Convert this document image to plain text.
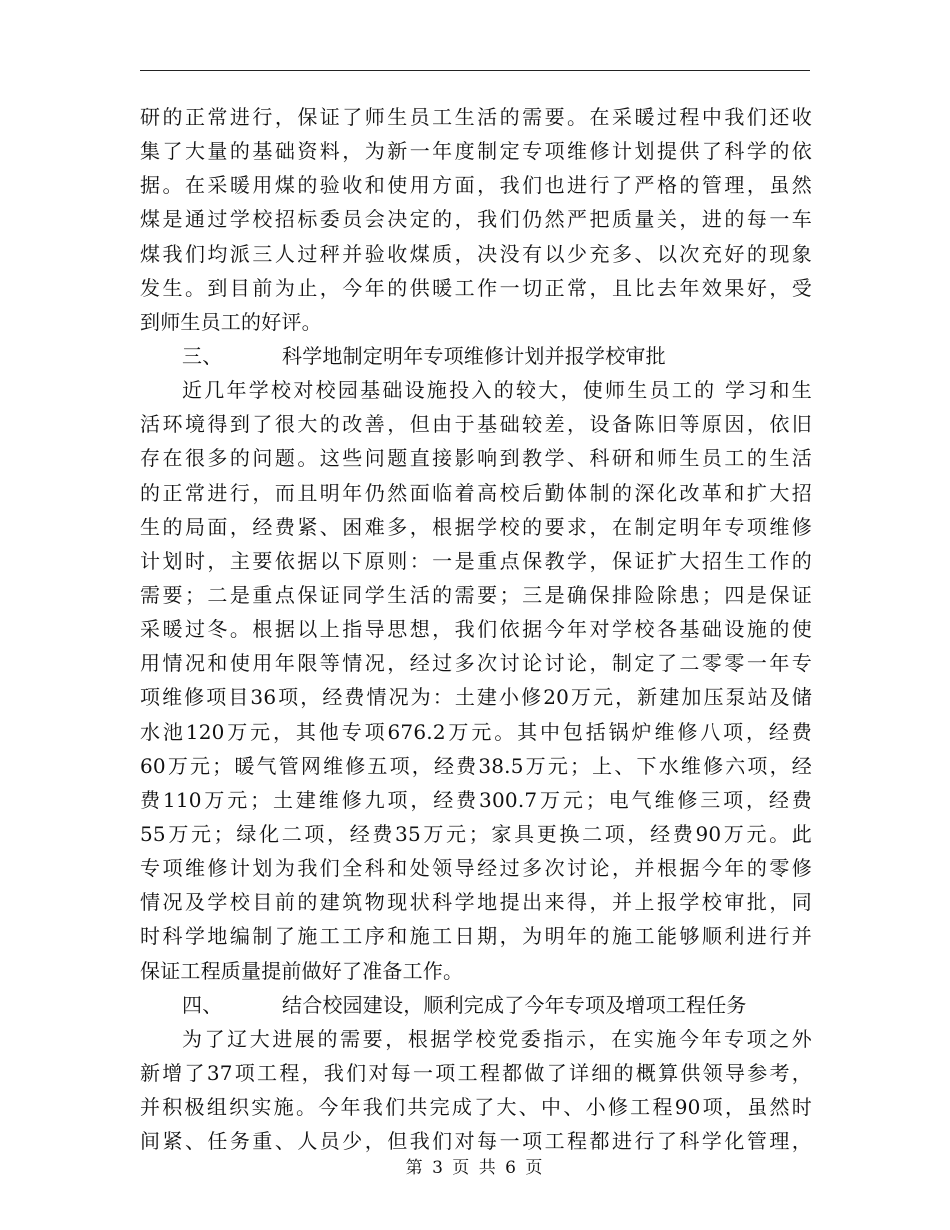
研的正常进行，保证了师生员工生活的需要。在采暖过程中我们还收
集了大量的基础资料，为新一年度制定专项维修计划提供了科学的依
据。在采暖用煤的验收和使用方面，我们也进行了严格的管理，虽然
煤是通过学校招标委员会决定的，我们仍然严把质量关，进的每一车
煤我们均派三人过秤并验收煤质，决没有以少充多、以次充好的现象
发生。到目前为止，今年的供暖工作一切正常，且比去年效果好，受
到师生员工的好评。
三、	科学地制定明年专项维修计划并报学校审批
近几年学校对校园基础设施投入的较大，使师生员工的 学习和生
活环境得到了很大的改善，但由于基础较差，设备陈旧等原因，依旧
存在很多的问题。这些问题直接影响到教学、科研和师生员工的生活
的正常进行，而且明年仍然面临着高校后勤体制的深化改革和扩大招
生的局面，经费紧、困难多，根据学校的要求，在制定明年专项维修
计划时，主要依据以下原则：一是重点保教学，保证扩大招生工作的
需要；二是重点保证同学生活的需要；三是确保排险除患；四是保证
采暖过冬。根据以上指导思想，我们依据今年对学校各基础设施的使
用情况和使用年限等情况，经过多次讨论讨论，制定了二零零一年专
项维修项目36项，经费情况为：土建小修20万元，新建加压泵站及储
水池120万元，其他专项676.2万元。其中包括锅炉维修八项，经费
60万元；暖气管网维修五项，经费38.5万元；上、下水维修六项，经
费110万元；土建维修九项，经费300.7万元；电气维修三项，经费
55万元；绿化二项，经费35万元；家具更换二项，经费90万元。此
专项维修计划为我们全科和处领导经过多次讨论，并根据今年的零修
情况及学校目前的建筑物现状科学地提出来得，并上报学校审批，同
时科学地编制了施工工序和施工日期，为明年的施工能够顺利进行并
保证工程质量提前做好了准备工作。
四、	结合校园建设，顺利完成了今年专项及增项工程任务
为了辽大进展的需要，根据学校党委指示，在实施今年专项之外
新增了37项工程，我们对每一项工程都做了详细的概算供领导参考，
并积极组织实施。今年我们共完成了大、中、小修工程90项，虽然时
间紧、任务重、人员少，但我们对每一项工程都进行了科学化管理，
第 3 页 共 6 页
